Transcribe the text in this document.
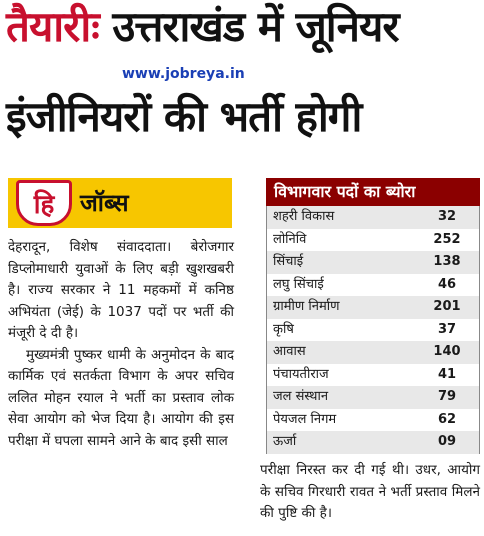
तैयारीः उत्तराखंड में जूनियर
इंजीनियरों की भर्ती होगी
www.jobreya.in
हि जॉब्स

देहरादून, विशेष संवाददाता। बेरोजगार डिप्लोमाधारी युवाओं के लिए बड़ी खुशखबरी है। राज्य सरकार ने 11 महकमों में कनिष्ठ अभियंता (जेई) के 1037 पदों पर भर्ती की मंजूरी दे दी है।

मुख्यमंत्री पुष्कर धामी के अनुमोदन के बाद कार्मिक एवं सतर्कता विभाग के अपर सचिव ललित मोहन रयाल ने भर्ती का प्रस्ताव लोक सेवा आयोग को भेज दिया है। आयोग की इस परीक्षा में घपला सामने आने के बाद इसी साल

विभागवार पदों का ब्योरा
शहरी विकास	32
लोनिवि	252
सिंचाई	138
लघु सिंचाई	46
ग्रामीण निर्माण	201
कृषि	37
आवास	140
पंचायतीराज	41
जल संस्थान	79
पेयजल निगम	62
ऊर्जा	09

परीक्षा निरस्त कर दी गई थी। उधर, आयोग के सचिव गिरधारी रावत ने भर्ती प्रस्ताव मिलने की पुष्टि की है।
